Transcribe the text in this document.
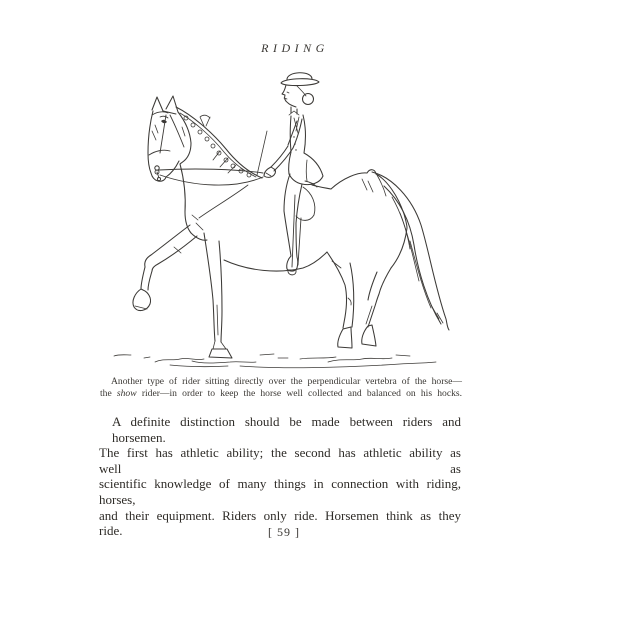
RIDING
Another type of rider sitting directly over the perpendicular vertebra of the horse—
the show rider—in order to keep the horse well collected and balanced on his hocks.
A definite distinction should be made between riders and horsemen.
The first has athletic ability; the second has athletic ability as well as
scientific knowledge of many things in connection with riding, horses,
and their equipment. Riders only ride. Horsemen think as they ride.	[ 59 ]
